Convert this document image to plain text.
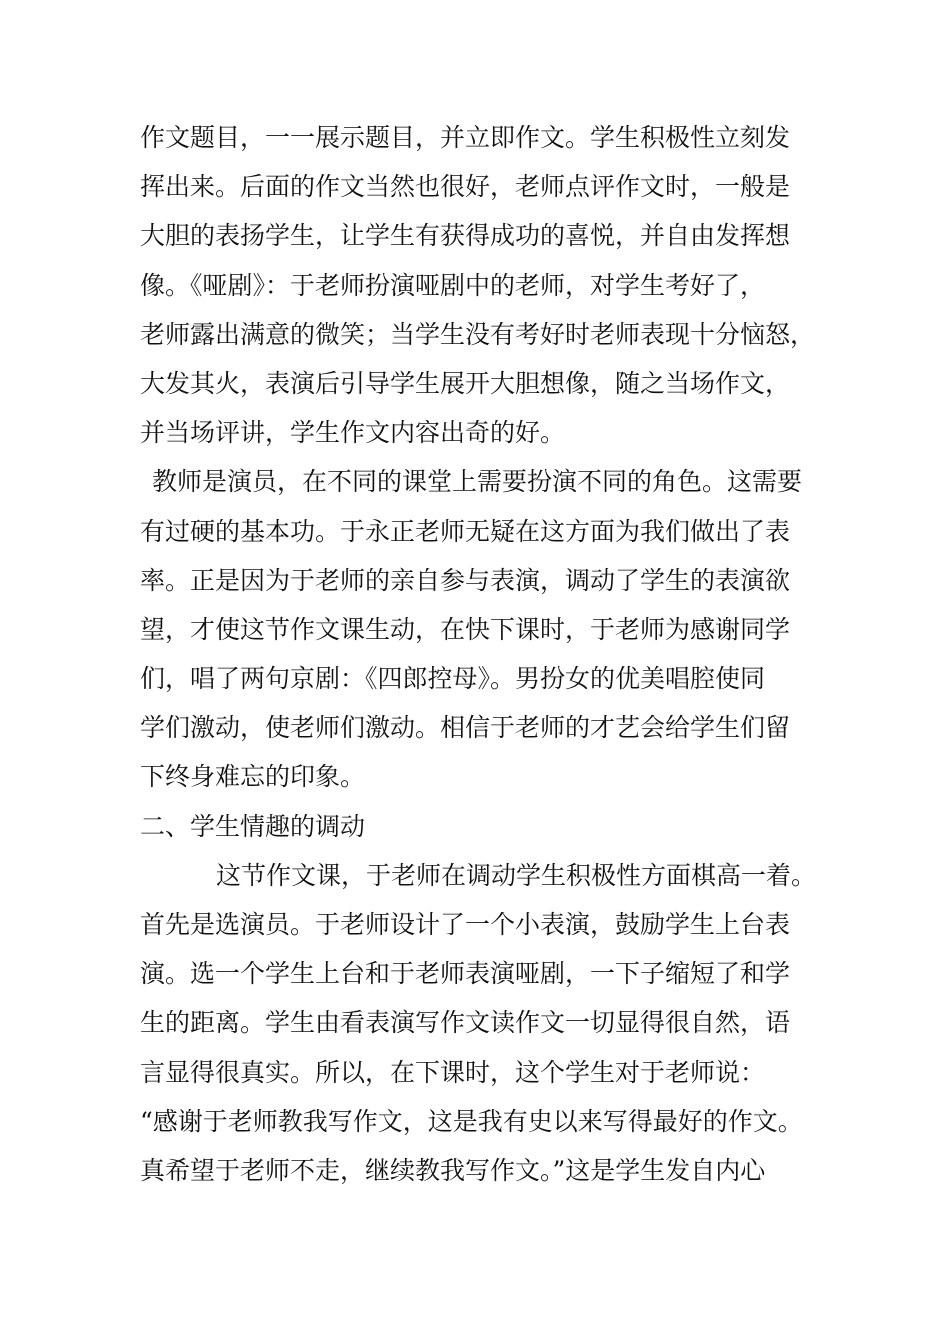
作文题目，一一展示题目，并立即作文。学生积极性立刻发
挥出来。后面的作文当然也很好，老师点评作文时，一般是
大胆的表扬学生，让学生有获得成功的喜悦，并自由发挥想
像。《哑剧》：于老师扮演哑剧中的老师，对学生考好了，
老师露出满意的微笑；当学生没有考好时老师表现十分恼怒，
大发其火，表演后引导学生展开大胆想像，随之当场作文，
并当场评讲，学生作文内容出奇的好。
教师是演员，在不同的课堂上需要扮演不同的角色。这需要
有过硬的基本功。于永正老师无疑在这方面为我们做出了表
率。正是因为于老师的亲自参与表演，调动了学生的表演欲
望，才使这节作文课生动，在快下课时，于老师为感谢同学
们，唱了两句京剧：《四郎控母》。男扮女的优美唱腔使同
学们激动，使老师们激动。相信于老师的才艺会给学生们留
下终身难忘的印象。
二、学生情趣的调动
这节作文课，于老师在调动学生积极性方面棋高一着。
首先是选演员。于老师设计了一个小表演，鼓励学生上台表
演。选一个学生上台和于老师表演哑剧，一下子缩短了和学
生的距离。学生由看表演写作文读作文一切显得很自然，语
言显得很真实。所以，在下课时，这个学生对于老师说：
“感谢于老师教我写作文，这是我有史以来写得最好的作文。
真希望于老师不走，继续教我写作文。”这是学生发自内心
